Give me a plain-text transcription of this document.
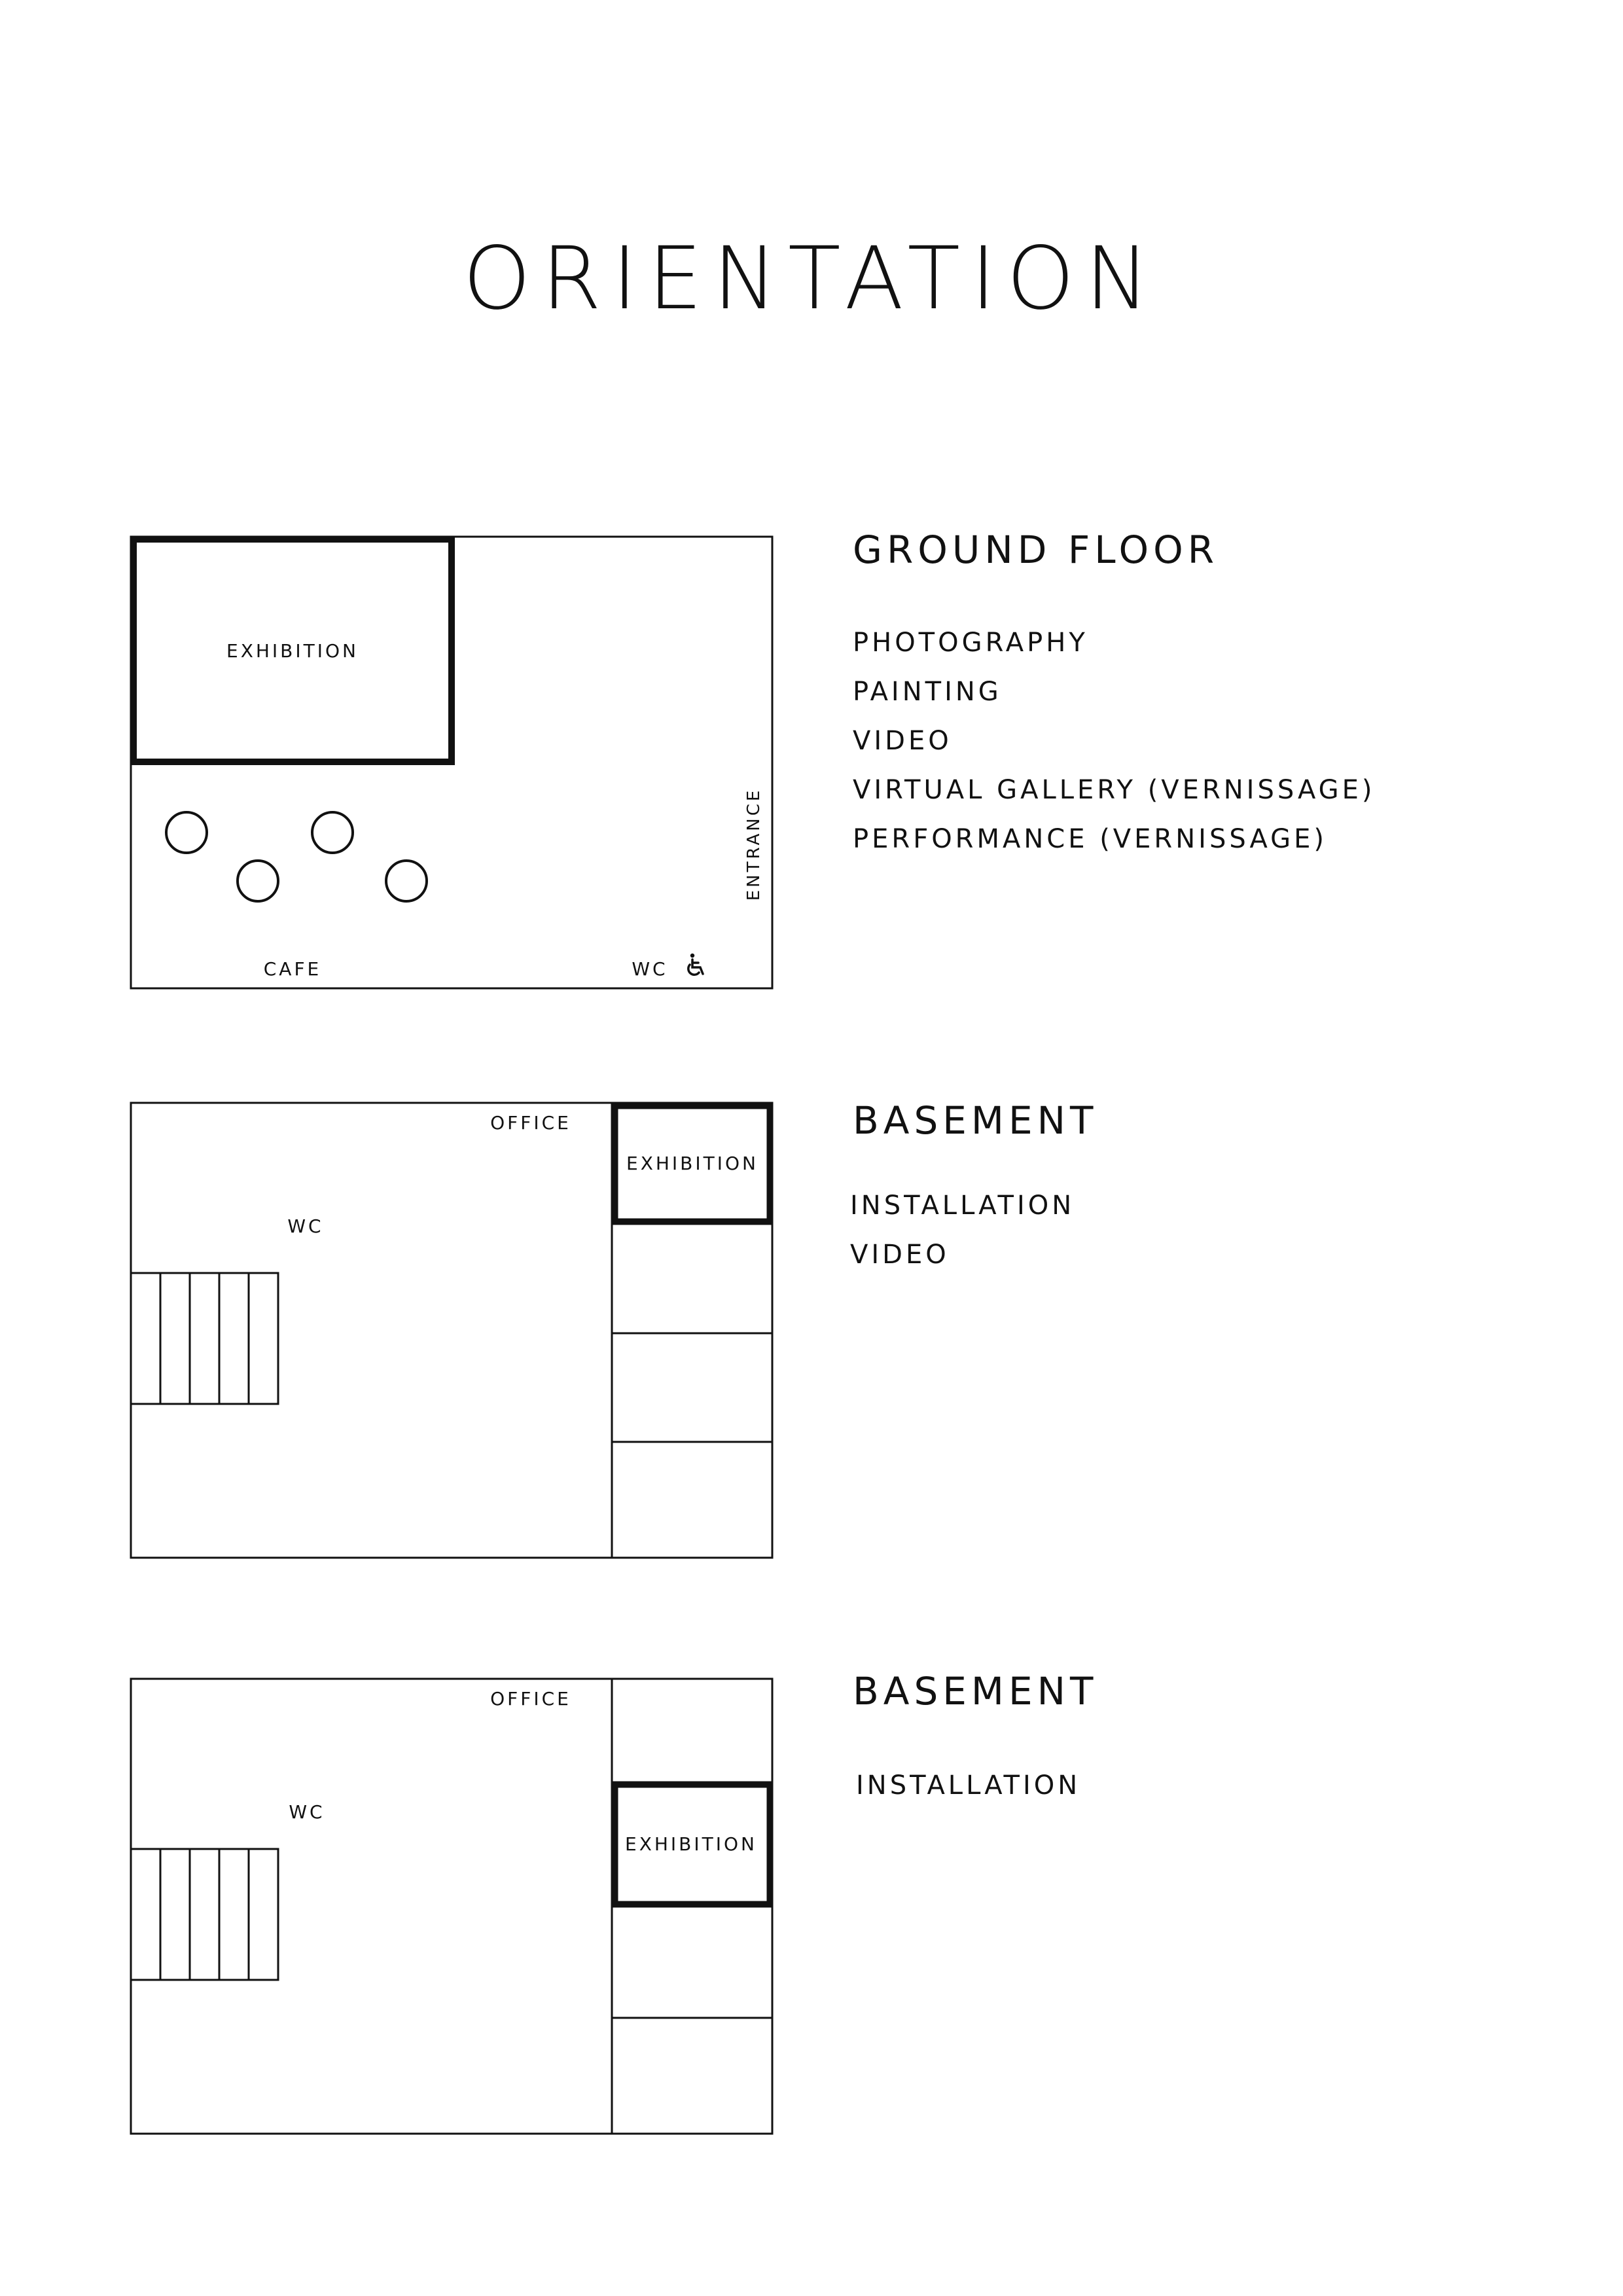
ORIENTATION
EXHIBITION
CAFE	WC
ENTRANCE
GROUND FLOOR
PHOTOGRAPHY
PAINTING
VIDEO
VIRTUAL GALLERY (VERNISSAGE)
PERFORMANCE (VERNISSAGE)
EXHIBITION
OFFICE
WC
BASEMENT
INSTALLATION
VIDEO
EXHIBITION
OFFICE
WC
BASEMENT
INSTALLATION
